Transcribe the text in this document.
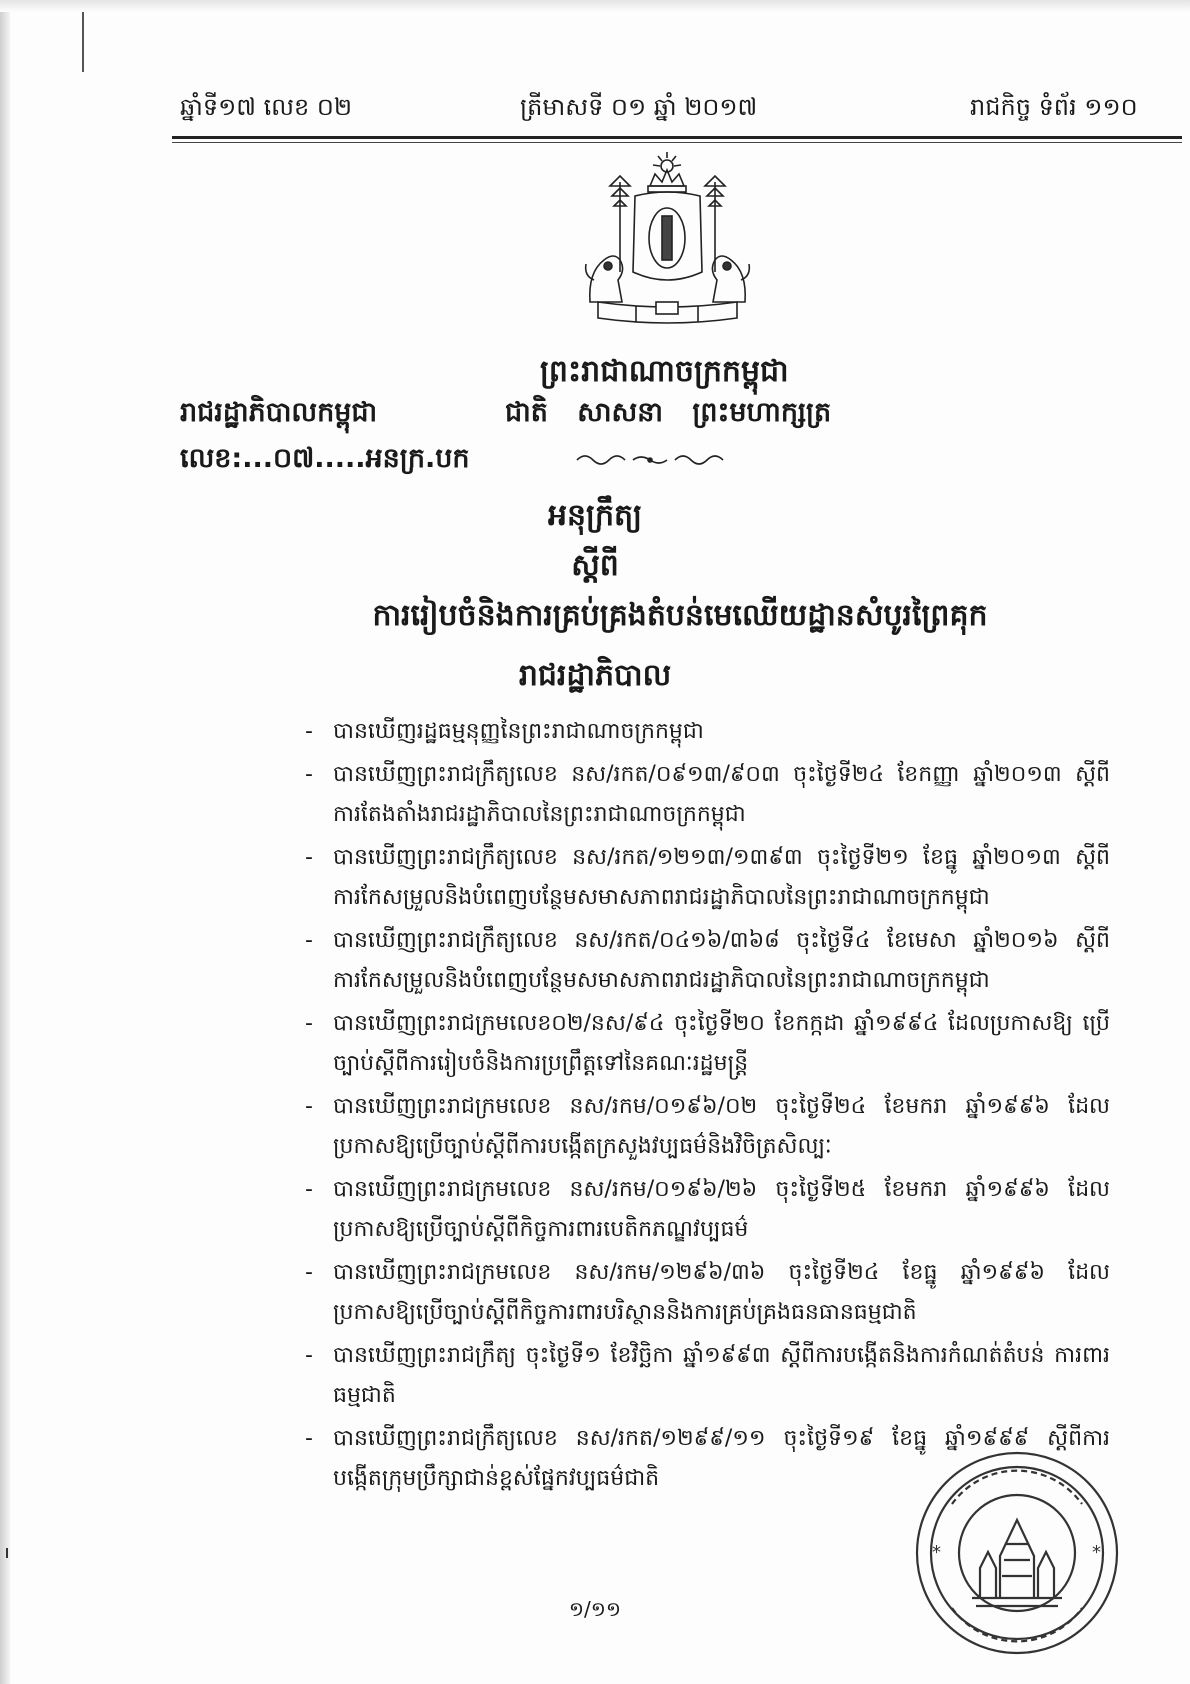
ឆ្នាំទី១៧ លេខ ០២	ត្រីមាសទី ០១ ឆ្នាំ ២០១៧	រាជកិច្ច ទំព័រ ១១០
ព្រះរាជាណាចក្រកម្ពុជា
រាជរដ្ឋាភិបាលកម្ពុជា	ជាតិ សាសនា ព្រះមហាក្សត្រ
លេខ:...០៧.....អនក្រ.បក
អនុក្រឹត្យ
ស្ដីពី
ការរៀបចំនិងការគ្រប់គ្រងតំបន់មេឈើយដ្ឋានសំបូរព្រៃគុក
រាជរដ្ឋាភិបាល
- បានឃើញរដ្ឋធម្មនុញ្ញនៃព្រះរាជាណាចក្រកម្ពុជា
- បានឃើញព្រះរាជក្រឹត្យលេខ នស/រកត/០៩១៣/៩០៣ ចុះថ្ងៃទី២៤ ខែកញ្ញា ឆ្នាំ២០១៣ ស្ដីពី ការតែងតាំងរាជរដ្ឋាភិបាលនៃព្រះរាជាណាចក្រកម្ពុជា
- បានឃើញព្រះរាជក្រឹត្យលេខ នស/រកត/១២១៣/១៣៩៣ ចុះថ្ងៃទី២១ ខែធ្នូ ឆ្នាំ២០១៣ ស្ដីពី ការកែសម្រួលនិងបំពេញបន្ថែមសមាសភាពរាជរដ្ឋាភិបាលនៃព្រះរាជាណាចក្រកម្ពុជា
- បានឃើញព្រះរាជក្រឹត្យលេខ នស/រកត/០៤១៦/៣៦៨ ចុះថ្ងៃទី៤ ខែមេសា ឆ្នាំ២០១៦ ស្ដីពី ការកែសម្រួលនិងបំពេញបន្ថែមសមាសភាពរាជរដ្ឋាភិបាលនៃព្រះរាជាណាចក្រកម្ពុជា
- បានឃើញព្រះរាជក្រមលេខ០២/នស/៩៤ ចុះថ្ងៃទី២០ ខែកក្កដា ឆ្នាំ១៩៩៤ ដែលប្រកាសឱ្យ ប្រើច្បាប់ស្ដីពីការរៀបចំនិងការប្រព្រឹត្តទៅនៃគណៈរដ្ឋមន្ត្រី
- បានឃើញព្រះរាជក្រមលេខ នស/រកម/០១៩៦/០២ ចុះថ្ងៃទី២៤ ខែមករា ឆ្នាំ១៩៩៦ ដែល ប្រកាសឱ្យប្រើច្បាប់ស្ដីពីការបង្កើតក្រសួងវប្បធម៌និងវិចិត្រសិល្បៈ
- បានឃើញព្រះរាជក្រមលេខ នស/រកម/០១៩៦/២៦ ចុះថ្ងៃទី២៥ ខែមករា ឆ្នាំ១៩៩៦ ដែល ប្រកាសឱ្យប្រើច្បាប់ស្ដីពីកិច្ចការពារបេតិកភណ្ឌវប្បធម៌
- បានឃើញព្រះរាជក្រមលេខ នស/រកម/១២៩៦/៣៦ ចុះថ្ងៃទី២៤ ខែធ្នូ ឆ្នាំ១៩៩៦ ដែល ប្រកាសឱ្យប្រើច្បាប់ស្ដីពីកិច្ចការពារបរិស្ថាននិងការគ្រប់គ្រងធនធានធម្មជាតិ
- បានឃើញព្រះរាជក្រឹត្យ ចុះថ្ងៃទី១ ខែវិច្ឆិកា ឆ្នាំ១៩៩៣ ស្ដីពីការបង្កើតនិងការកំណត់តំបន់ ការពារធម្មជាតិ
- បានឃើញព្រះរាជក្រឹត្យលេខ នស/រកត/១២៩៩/១១ ចុះថ្ងៃទី១៩ ខែធ្នូ ឆ្នាំ១៩៩៩ ស្ដីពីការ បង្កើតក្រុមប្រឹក្សាជាន់ខ្ពស់ផ្នែកវប្បធម៌ជាតិ
*	*
១/១១
